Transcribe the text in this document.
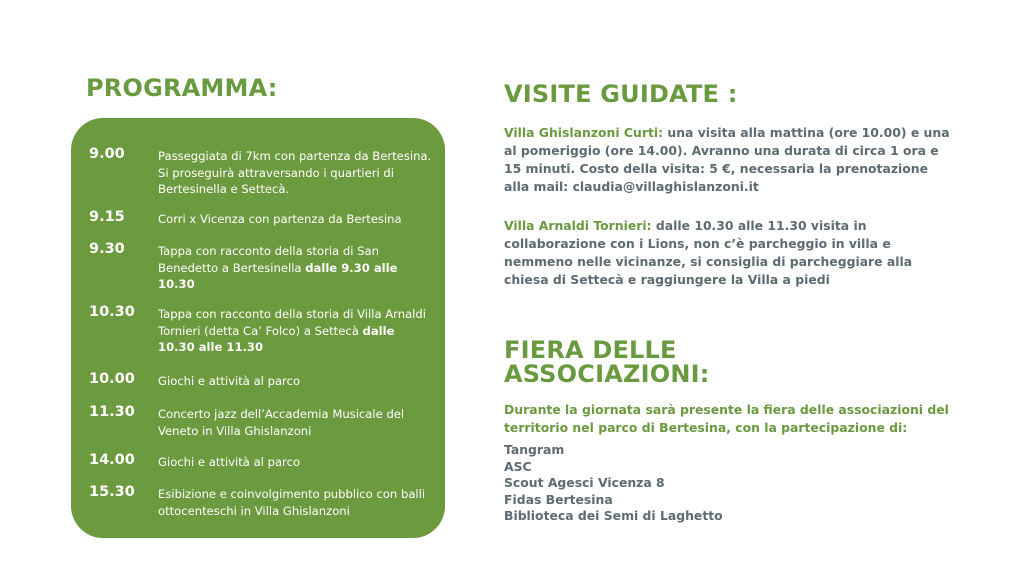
PROGRAMMA:
9.00	Passeggiata di 7km con partenza da Bertesina. Si proseguirà attraversando i quartieri di Bertesinella e Settecà.
9.15	Corri x Vicenza con partenza da Bertesina
9.30	Tappa con racconto della storia di San Benedetto a Bertesinella dalle 9.30 alle 10.30
10.30 Tappa con racconto della storia di Villa Arnaldi Tornieri (detta Ca’ Folco) a Settecà dalle 10.30 alle 11.30
10.00 Giochi e attività al parco
11.30 Concerto jazz dell’Accademia Musicale del Veneto in Villa Ghislanzoni
14.00 Giochi e attività al parco
15.30 Esibizione e coinvolgimento pubblico con balli ottocenteschi in Villa Ghislanzoni
VISITE GUIDATE :

Villa Ghislanzoni Curti: una visita alla mattina (ore 10.00) e una al pomeriggio (ore 14.00). Avranno una durata di circa 1 ora e 15 minuti. Costo della visita: 5 €, necessaria la prenotazione alla mail: claudia@villaghislanzoni.it

Villa Arnaldi Tornieri: dalle 10.30 alle 11.30 visita in collaborazione con i Lions, non c’è parcheggio in villa e nemmeno nelle vicinanze, si consiglia di parcheggiare alla chiesa di Settecà e raggiungere la Villa a piedi

FIERA DELLE ASSOCIAZIONI:

Durante la giornata sarà presente la fiera delle associazioni del territorio nel parco di Bertesina, con la partecipazione di:

Tangram
ASC
Scout Agesci Vicenza 8
Fidas Bertesina
Biblioteca dei Semi di Laghetto
